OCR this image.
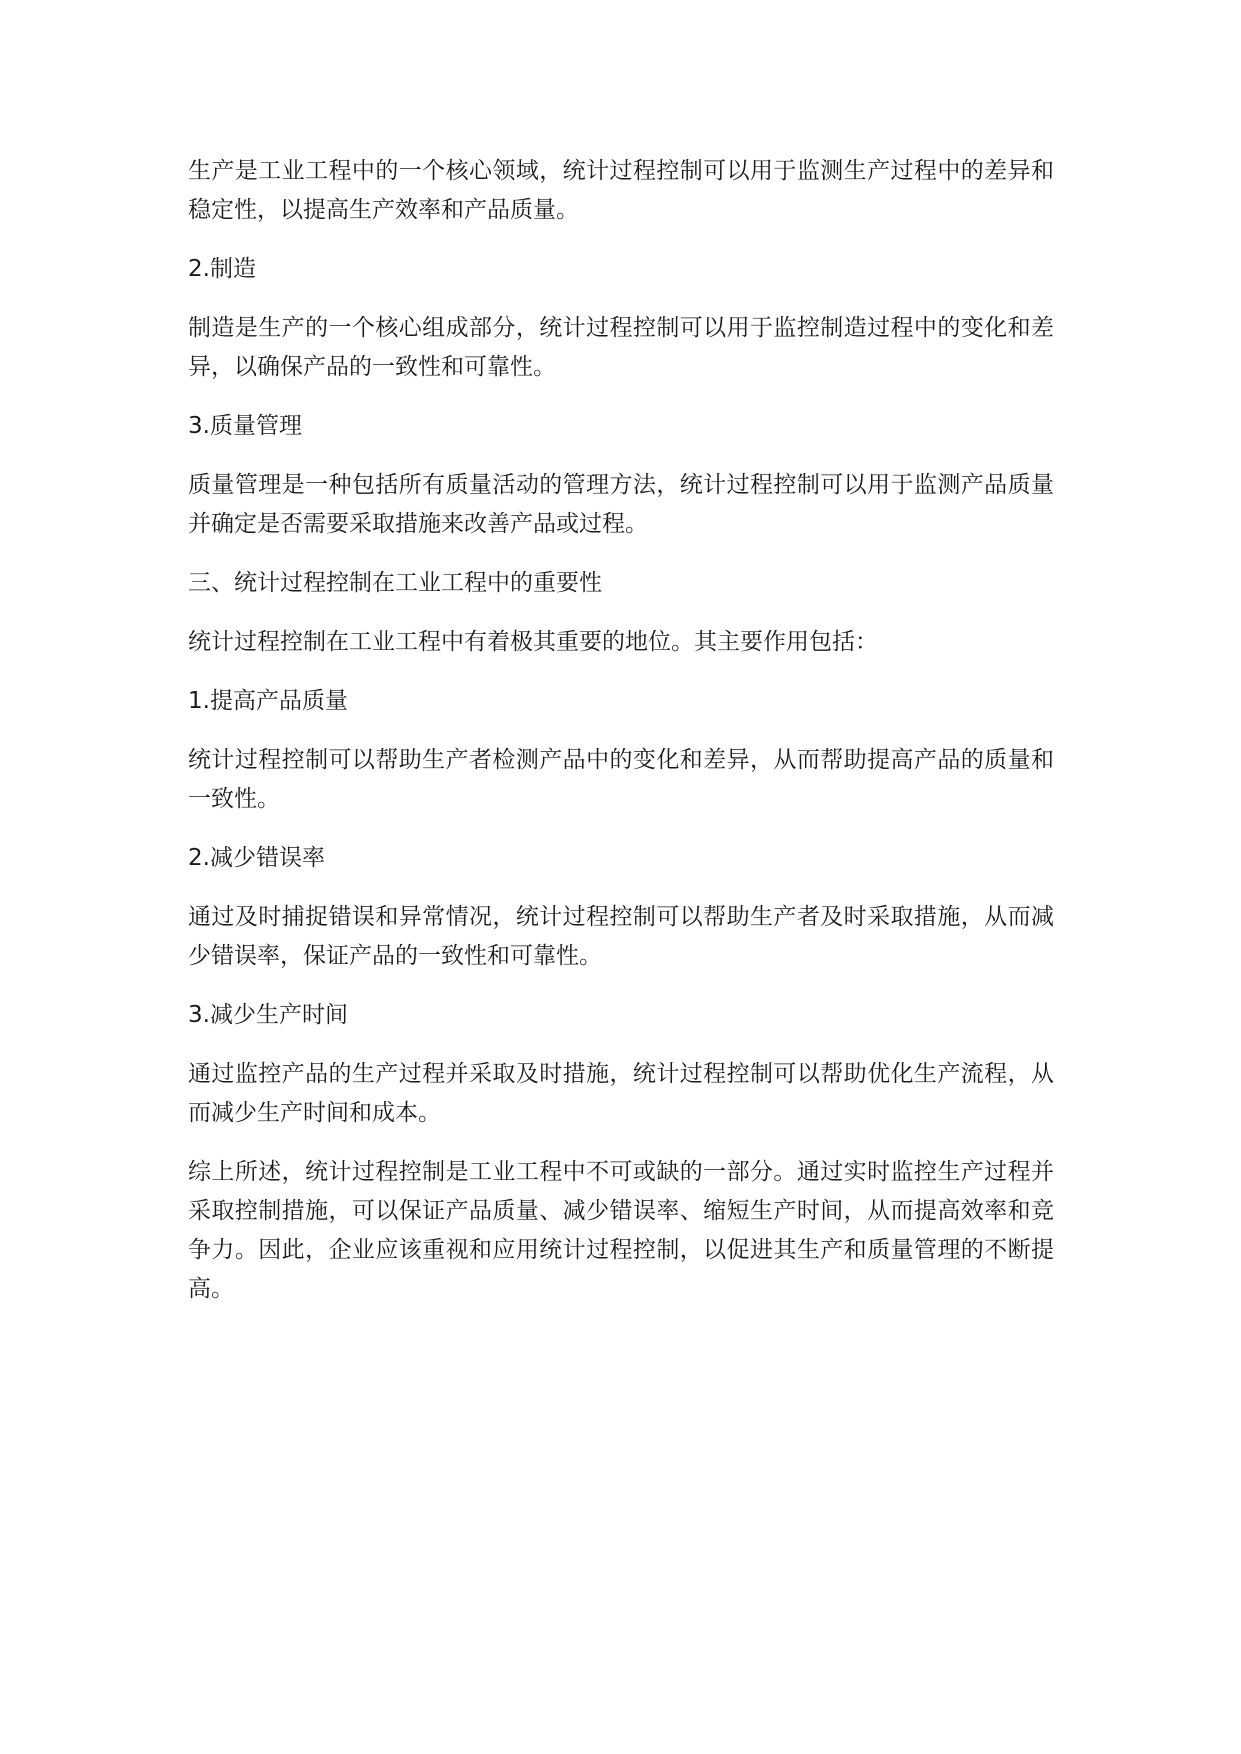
生产是工业工程中的一个核心领域，统计过程控制可以用于监测生产过程中的差异和稳定性，以提高生产效率和产品质量。

2.制造

制造是生产的一个核心组成部分，统计过程控制可以用于监控制造过程中的变化和差异，以确保产品的一致性和可靠性。

3.质量管理

质量管理是一种包括所有质量活动的管理方法，统计过程控制可以用于监测产品质量并确定是否需要采取措施来改善产品或过程。

三、统计过程控制在工业工程中的重要性

统计过程控制在工业工程中有着极其重要的地位。其主要作用包括：

1.提高产品质量

统计过程控制可以帮助生产者检测产品中的变化和差异，从而帮助提高产品的质量和一致性。

2.减少错误率

通过及时捕捉错误和异常情况，统计过程控制可以帮助生产者及时采取措施，从而减少错误率，保证产品的一致性和可靠性。

3.减少生产时间

通过监控产品的生产过程并采取及时措施，统计过程控制可以帮助优化生产流程，从而减少生产时间和成本。

综上所述，统计过程控制是工业工程中不可或缺的一部分。通过实时监控生产过程并采取控制措施，可以保证产品质量、减少错误率、缩短生产时间，从而提高效率和竞争力。因此，企业应该重视和应用统计过程控制，以促进其生产和质量管理的不断提高。
